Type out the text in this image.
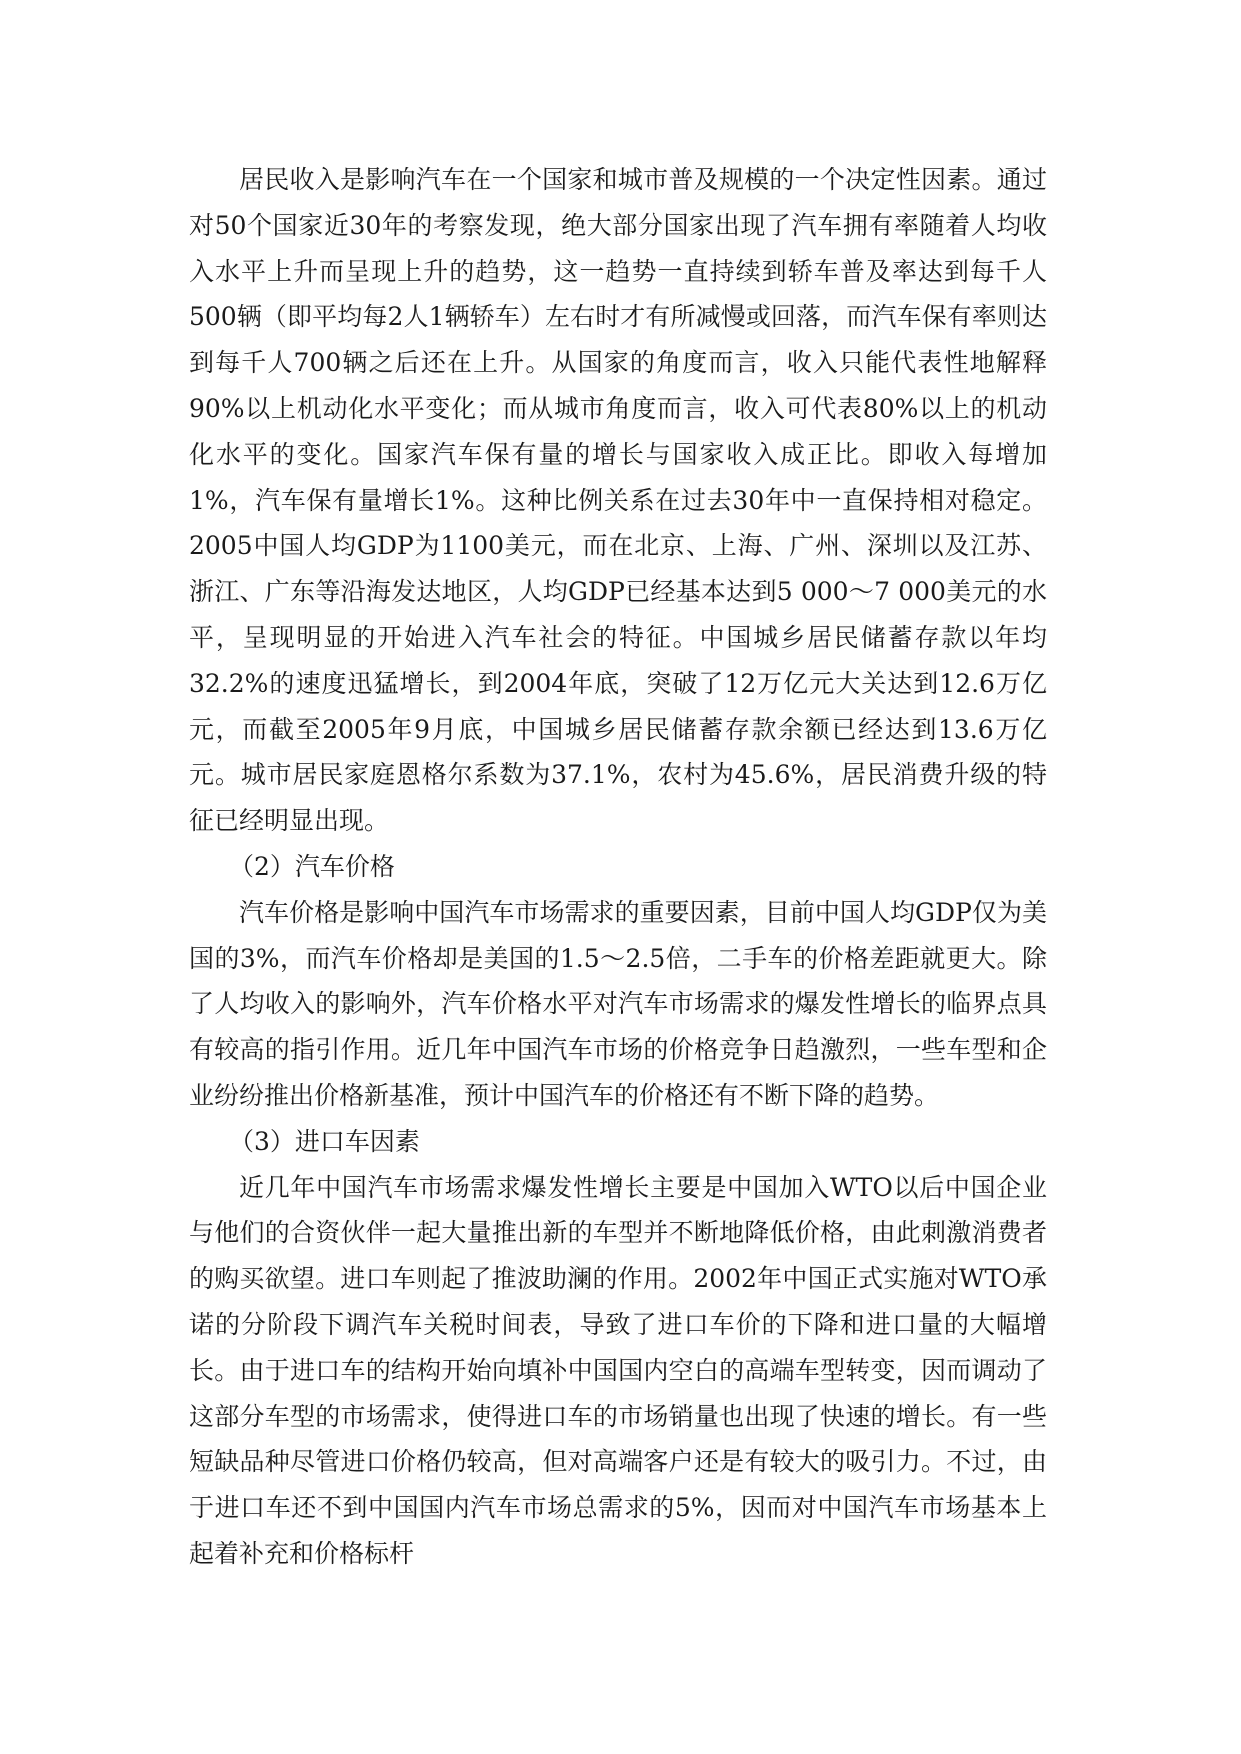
居民收入是影响汽车在一个国家和城市普及规模的一个决定性因素。通过对50个国家近30年的考察发现，绝大部分国家出现了汽车拥有率随着人均收入水平上升而呈现上升的趋势，这一趋势一直持续到轿车普及率达到每千人500辆（即平均每2人1辆轿车）左右时才有所减慢或回落，而汽车保有率则达到每千人700辆之后还在上升。从国家的角度而言，收入只能代表性地解释90%以上机动化水平变化；而从城市角度而言，收入可代表80%以上的机动化水平的变化。国家汽车保有量的增长与国家收入成正比。即收入每增加1%，汽车保有量增长1%。这种比例关系在过去30年中一直保持相对稳定。2005中国人均GDP为1100美元，而在北京、上海、广州、深圳以及江苏、浙江、广东等沿海发达地区，人均GDP已经基本达到5 000～7 000美元的水平，呈现明显的开始进入汽车社会的特征。中国城乡居民储蓄存款以年均32.2%的速度迅猛增长，到2004年底，突破了12万亿元大关达到12.6万亿元，而截至2005年9月底，中国城乡居民储蓄存款余额已经达到13.6万亿元。城市居民家庭恩格尔系数为37.1%，农村为45.6%，居民消费升级的特征已经明显出现。

（2）汽车价格

汽车价格是影响中国汽车市场需求的重要因素，目前中国人均GDP仅为美国的3%，而汽车价格却是美国的1.5～2.5倍，二手车的价格差距就更大。除了人均收入的影响外，汽车价格水平对汽车市场需求的爆发性增长的临界点具有较高的指引作用。近几年中国汽车市场的价格竞争日趋激烈，一些车型和企业纷纷推出价格新基准，预计中国汽车的价格还有不断下降的趋势。

（3）进口车因素

近几年中国汽车市场需求爆发性增长主要是中国加入WTO以后中国企业与他们的合资伙伴一起大量推出新的车型并不断地降低价格，由此刺激消费者的购买欲望。进口车则起了推波助澜的作用。2002年中国正式实施对WTO承诺的分阶段下调汽车关税时间表，导致了进口车价的下降和进口量的大幅增长。由于进口车的结构开始向填补中国国内空白的高端车型转变，因而调动了这部分车型的市场需求，使得进口车的市场销量也出现了快速的增长。有一些短缺品种尽管进口价格仍较高，但对高端客户还是有较大的吸引力。不过，由于进口车还不到中国国内汽车市场总需求的5%，因而对中国汽车市场基本上起着补充和价格标杆
